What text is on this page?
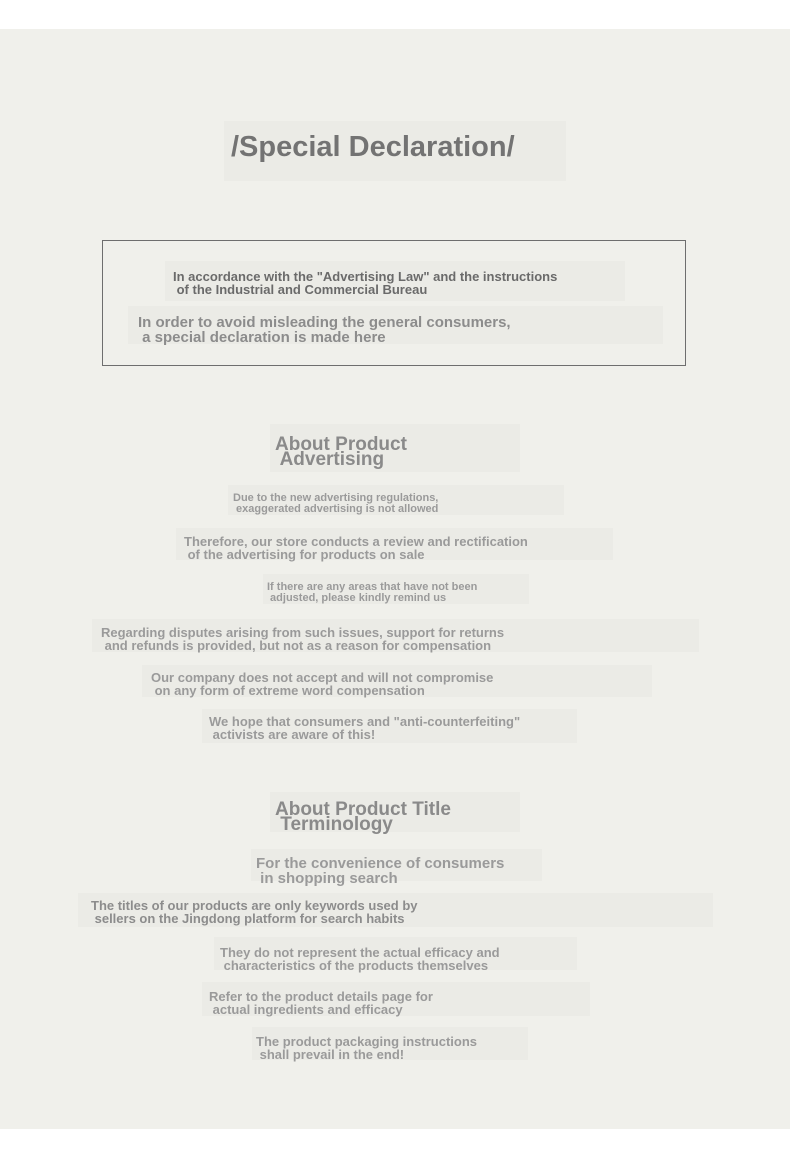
/Special Declaration/
In accordance with the "Advertising Law" and the instructions
of the Industrial and Commercial Bureau
In order to avoid misleading the general consumers,
a special declaration is made here
About Product
Advertising
Due to the new advertising regulations,
exaggerated advertising is not allowed
Therefore, our store conducts a review and rectification
of the advertising for products on sale
If there are any areas that have not been
adjusted, please kindly remind us
Regarding disputes arising from such issues, support for returns
and refunds is provided, but not as a reason for compensation
Our company does not accept and will not compromise
on any form of extreme word compensation
We hope that consumers and "anti-counterfeiting"
activists are aware of this!
About Product Title
Terminology
For the convenience of consumers
in shopping search
The titles of our products are only keywords used by
sellers on the Jingdong platform for search habits
They do not represent the actual efficacy and
characteristics of the products themselves
Refer to the product details page for
actual ingredients and efficacy
The product packaging instructions
shall prevail in the end!
